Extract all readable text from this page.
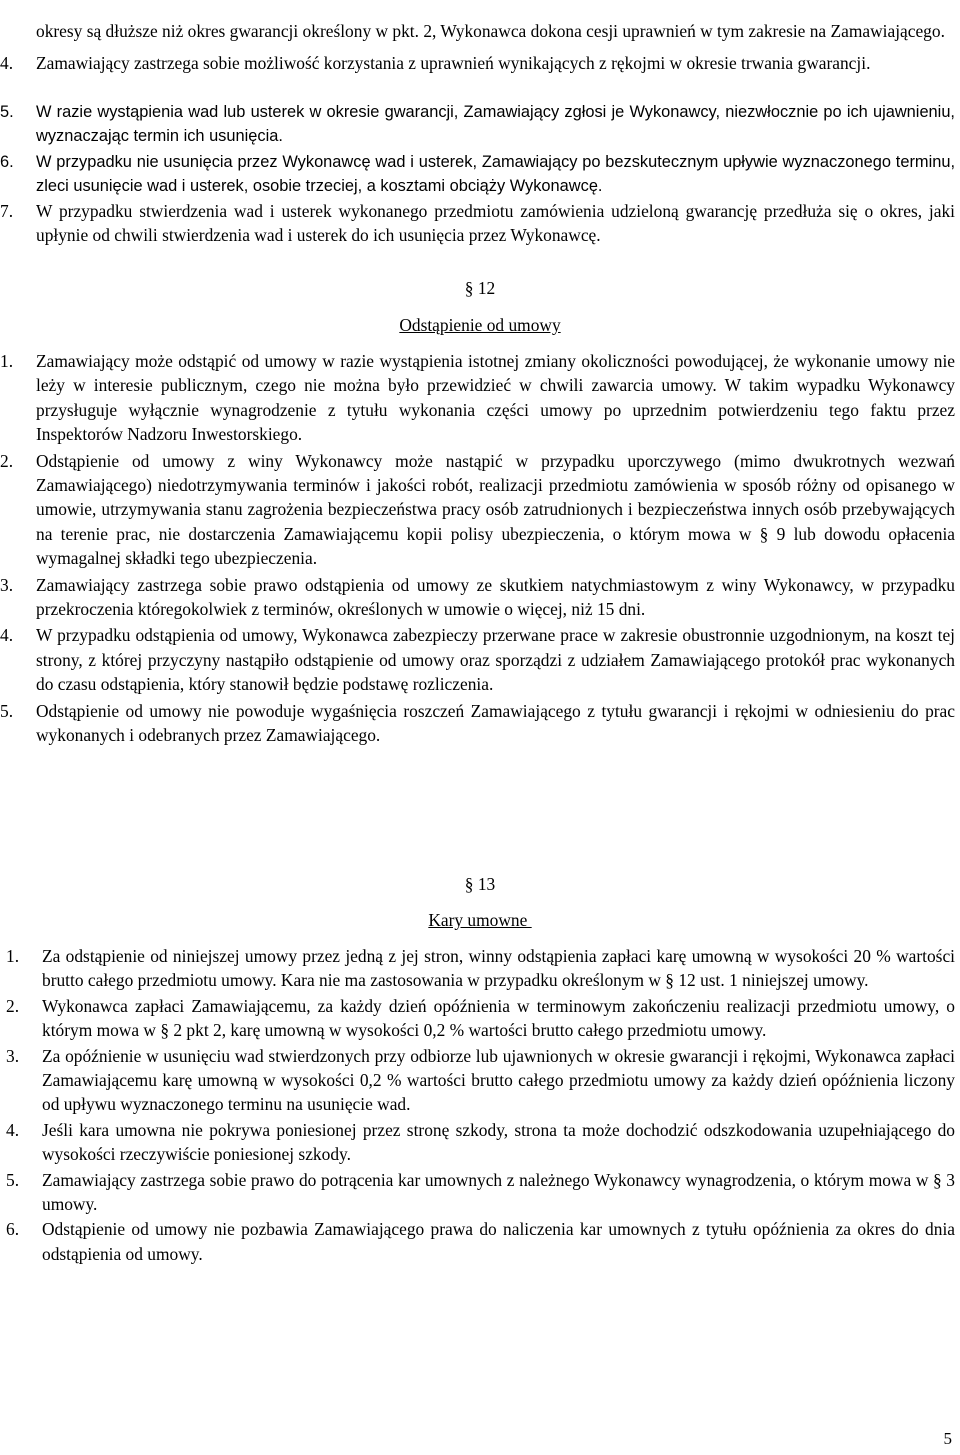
okresy są dłuższe niż okres gwarancji określony w pkt. 2, Wykonawca dokona cesji uprawnień w tym zakresie na Zamawiającego.

4.	Zamawiający zastrzega sobie możliwość korzystania z uprawnień wynikających z rękojmi w okresie trwania gwarancji.

5.	W razie wystąpienia wad lub usterek w okresie gwarancji, Zamawiający zgłosi je Wykonawcy, niezwłocznie po ich ujawnieniu, wyznaczając termin ich usunięcia.

6.	W przypadku nie usunięcia przez Wykonawcę wad i usterek, Zamawiający po bezskutecznym upływie wyznaczonego terminu, zleci usunięcie wad i usterek, osobie trzeciej, a kosztami obciąży Wykonawcę.

7.	W przypadku stwierdzenia wad i usterek wykonanego przedmiotu zamówienia udzieloną gwarancję przedłuża się o okres, jaki upłynie od chwili stwierdzenia wad i usterek do ich usunięcia przez Wykonawcę.

§ 12
Odstąpienie od umowy

1.	Zamawiający może odstąpić od umowy w razie wystąpienia istotnej zmiany okoliczności powodującej, że wykonanie umowy nie leży w interesie publicznym, czego nie można było przewidzieć w chwili zawarcia umowy. W takim wypadku Wykonawcy przysługuje wyłącznie wynagrodzenie z tytułu wykonania części umowy po uprzednim potwierdzeniu tego faktu przez Inspektorów Nadzoru Inwestorskiego.

2.	Odstąpienie od umowy z winy Wykonawcy może nastąpić w przypadku uporczywego (mimo dwukrotnych wezwań Zamawiającego) niedotrzymywania terminów i jakości robót, realizacji przedmiotu zamówienia w sposób różny od opisanego w umowie, utrzymywania stanu zagrożenia bezpieczeństwa pracy osób zatrudnionych i bezpieczeństwa innych osób przebywających na terenie prac, nie dostarczenia Zamawiającemu kopii polisy ubezpieczenia, o którym mowa w § 9 lub dowodu opłacenia wymagalnej składki tego ubezpieczenia.

3.	Zamawiający zastrzega sobie prawo odstąpienia od umowy ze skutkiem natychmiastowym z winy Wykonawcy, w przypadku przekroczenia któregokolwiek z terminów, określonych w umowie o więcej, niż 15 dni.

4.	W przypadku odstąpienia od umowy, Wykonawca zabezpieczy przerwane prace w zakresie obustronnie uzgodnionym, na koszt tej strony, z której przyczyny nastąpiło odstąpienie od umowy oraz sporządzi z udziałem Zamawiającego protokół prac wykonanych do czasu odstąpienia, który stanowił będzie podstawę rozliczenia.

5.	Odstąpienie od umowy nie powoduje wygaśnięcia roszczeń Zamawiającego z tytułu gwarancji i rękojmi w odniesieniu do prac wykonanych i odebranych przez Zamawiającego.

§ 13
Kary umowne

1.	Za odstąpienie od niniejszej umowy przez jedną z jej stron, winny odstąpienia zapłaci karę umowną w wysokości 20 % wartości brutto całego przedmiotu umowy. Kara nie ma zastosowania w przypadku określonym w § 12 ust. 1 niniejszej umowy.

2.	Wykonawca zapłaci Zamawiającemu, za każdy dzień opóźnienia w terminowym zakończeniu realizacji przedmiotu umowy, o którym mowa w § 2 pkt 2, karę umowną w wysokości 0,2 % wartości brutto całego przedmiotu umowy.

3.	Za opóźnienie w usunięciu wad stwierdzonych przy odbiorze lub ujawnionych w okresie gwarancji i rękojmi, Wykonawca zapłaci Zamawiającemu karę umowną w wysokości 0,2 % wartości brutto całego przedmiotu umowy za każdy dzień opóźnienia liczony od upływu wyznaczonego terminu na usunięcie wad.

4.	Jeśli kara umowna nie pokrywa poniesionej przez stronę szkody, strona ta może dochodzić odszkodowania uzupełniającego do wysokości rzeczywiście poniesionej szkody.

5.	Zamawiający zastrzega sobie prawo do potrącenia kar umownych z należnego Wykonawcy wynagrodzenia, o którym mowa w § 3 umowy.

6.	Odstąpienie od umowy nie pozbawia Zamawiającego prawa do naliczenia kar umownych z tytułu opóźnienia za okres do dnia odstąpienia od umowy.

5
